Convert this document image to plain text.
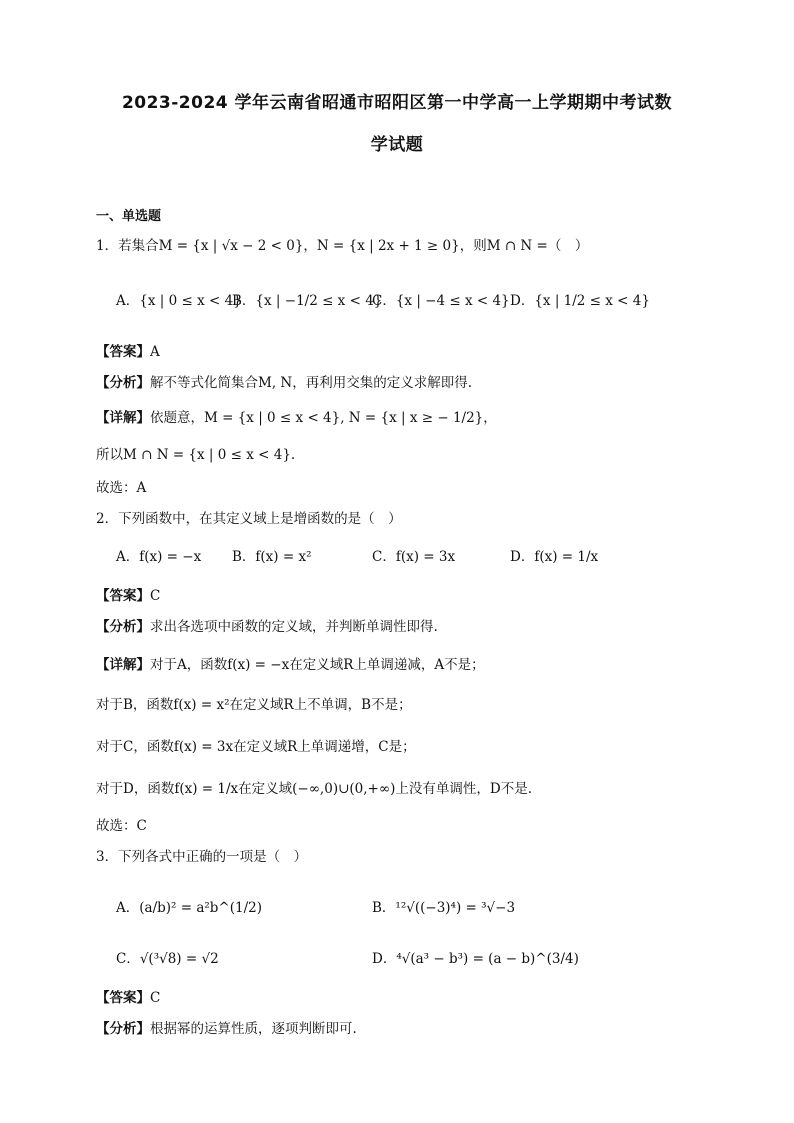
2023-2024 学年云南省昭通市昭阳区第一中学高一上学期期中考试数
学试题
一、单选题
1．若集合M = {x | √x − 2 < 0}，N = {x | 2x + 1 ≥ 0}，则M ∩ N =（　）
A．{x | 0 ≤ x < 4}
B．{x | −1/2 ≤ x < 4}
C．{x | −4 ≤ x < 4} D．{x | 1/2 ≤ x < 4}
【答案】A
【分析】解不等式化简集合M, N，再利用交集的定义求解即得.
【详解】依题意，M = {x | 0 ≤ x < 4}, N = {x | x ≥ − 1/2}，
所以M ∩ N = {x | 0 ≤ x < 4}.
故选：A
2．下列函数中，在其定义域上是增函数的是（　）
A．f(x) = −x B．f(x) = x²	C．f(x) = 3x	D．f(x) = 1/x
【答案】C
【分析】求出各选项中函数的定义域，并判断单调性即得.
【详解】对于A，函数f(x) = −x在定义域R上单调递减，A不是；
对于B，函数f(x) = x²在定义域R上不单调，B不是；
对于C，函数f(x) = 3x在定义域R上单调递增，C是；
对于D，函数f(x) = 1/x在定义域(−∞,0)∪(0,+∞)上没有单调性，D不是.
故选：C
3．下列各式中正确的一项是（　）
A．(a/b)² = a²b^(1/2)	B．¹²√((−3)⁴) = ³√−3
C．√(³√8) = √2	D．⁴√(a³ − b³) = (a − b)^(3/4)
【答案】C
【分析】根据幂的运算性质，逐项判断即可.
